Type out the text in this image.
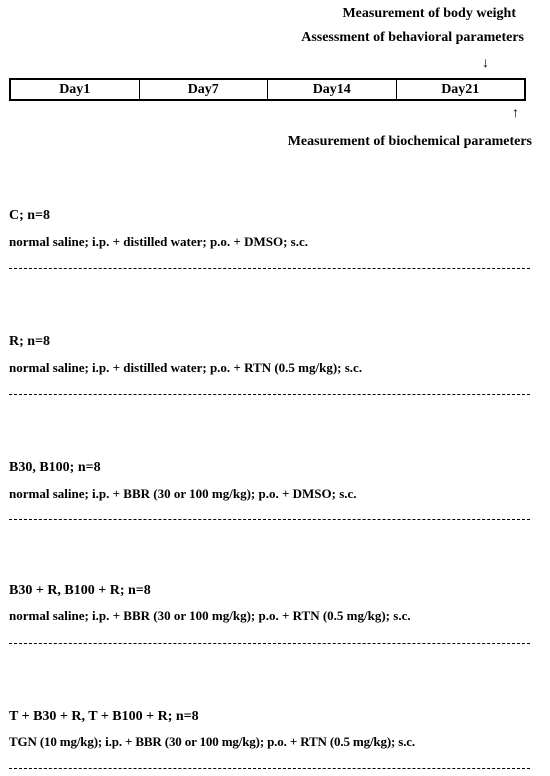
Measurement of body weight
Assessment of behavioral parameters
↓
Day1	Day7	Day14	Day21
↑
Measurement of biochemical parameters
C; n=8
normal saline; i.p. + distilled water; p.o. + DMSO; s.c.
R; n=8
normal saline; i.p. + distilled water; p.o. + RTN (0.5 mg/kg); s.c.
B30, B100; n=8
normal saline; i.p. + BBR (30 or 100 mg/kg); p.o. + DMSO; s.c.
B30 + R, B100 + R; n=8
normal saline; i.p. + BBR (30 or 100 mg/kg); p.o. + RTN (0.5 mg/kg); s.c.
T + B30 + R, T + B100 + R; n=8
TGN (10 mg/kg); i.p. + BBR (30 or 100 mg/kg); p.o. + RTN (0.5 mg/kg); s.c.
